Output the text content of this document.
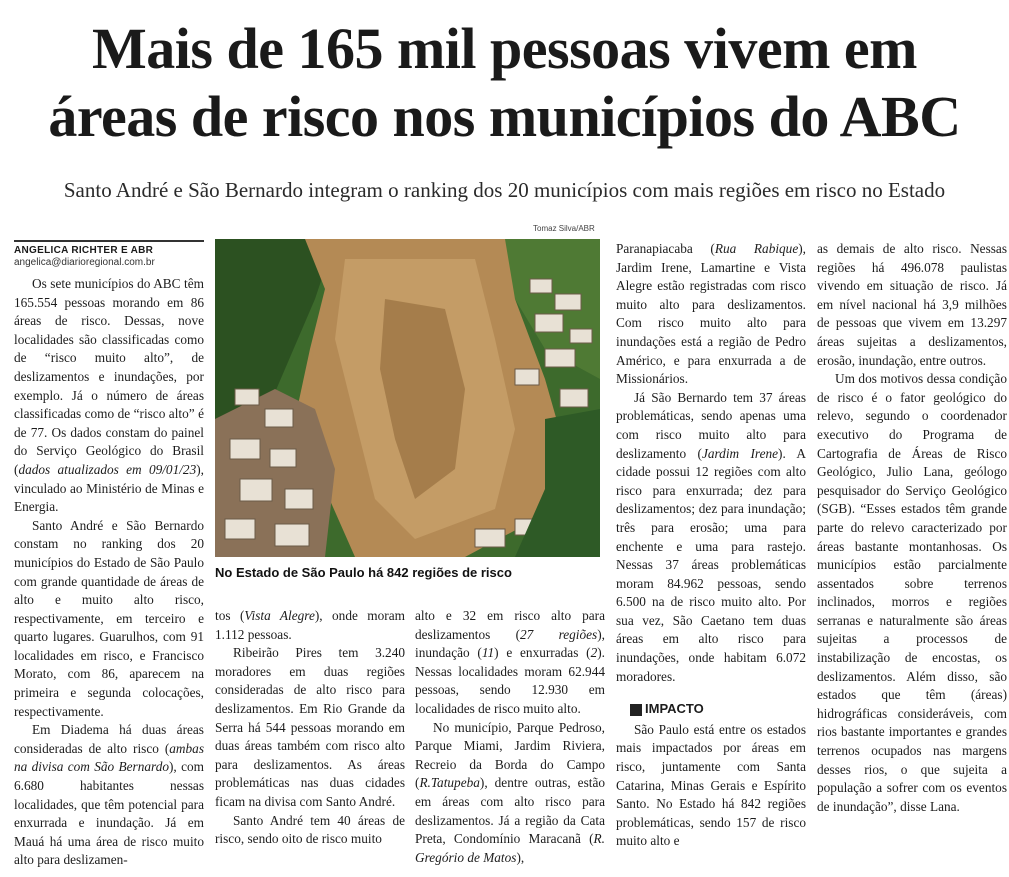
Mais de 165 mil pessoas vivem em
áreas de risco nos municípios do ABC
Santo André e São Bernardo integram o ranking dos 20 municípios com mais regiões em risco no Estado
ANGELICA RICHTER E ABR
angelica@diarioregional.com.br

Os sete municípios do ABC têm 165.554 pessoas morando em 86 áreas de risco. Dessas, nove localidades são classificadas como de “risco muito alto”, de deslizamentos e inundações, por exemplo. Já o número de áreas classificadas como de “risco alto” é de 77. Os dados constam do painel do Serviço Geológico do Brasil (dados atualizados em 09/01/23), vinculado ao Ministério de Minas e Energia.

Santo André e São Bernardo constam no ranking dos 20 municípios do Estado de São Paulo com grande quantidade de áreas de alto e muito alto risco, respectivamente, em terceiro e quarto lugares. Guarulhos, com 91 localidades em risco, e Francisco Morato, com 86, aparecem na primeira e segunda colocações, respectivamente.

Em Diadema há duas áreas consideradas de alto risco (ambas na divisa com São Bernardo), com 6.680 habitantes nessas localidades, que têm potencial para enxurrada e inundação. Já em Mauá há uma área de risco muito alto para deslizamen-

Tomaz Silva/ABR
No Estado de São Paulo há 842 regiões de risco

tos (Vista Alegre), onde moram 1.112 pessoas.

Ribeirão Pires tem 3.240 moradores em duas regiões consideradas de alto risco para deslizamentos. Em Rio Grande da Serra há 544 pessoas morando em duas áreas também com risco alto para deslizamentos. As áreas problemáticas nas duas cidades ficam na divisa com Santo André.

Santo André tem 40 áreas de risco, sendo oito de risco muito

alto e 32 em risco alto para deslizamentos (27 regiões), inundação (11) e enxurradas (2). Nessas localidades moram 62.944 pessoas, sendo 12.930 em localidades de risco muito alto.

No município, Parque Pedroso, Parque Miami, Jardim Riviera, Recreio da Borda do Campo (R.Tatupeba), dentre outras, estão em áreas com alto risco para deslizamentos. Já a região da Cata Preta, Condomínio Maracanã (R. Gregório de Matos),

Paranapiacaba (Rua Rabique), Jardim Irene, Lamartine e Vista Alegre estão registradas com risco muito alto para deslizamentos. Com risco muito alto para inundações está a região de Pedro Américo, e para enxurrada a de Missionários.

Já São Bernardo tem 37 áreas problemáticas, sendo apenas uma com risco muito alto para deslizamento (Jardim Irene). A cidade possui 12 regiões com alto risco para enxurrada; dez para deslizamentos; dez para inundação; três para erosão; uma para enchente e uma para rastejo. Nessas 37 áreas problemáticas moram 84.962 pessoas, sendo 6.500 na de risco muito alto. Por sua vez, São Caetano tem duas áreas em alto risco para inundações, onde habitam 6.072 moradores.

IMPACTO

São Paulo está entre os estados mais impactados por áreas em risco, juntamente com Santa Catarina, Minas Gerais e Espírito Santo. No Estado há 842 regiões problemáticas, sendo 157 de risco muito alto e

as demais de alto risco. Nessas regiões há 496.078 paulistas vivendo em situação de risco. Já em nível nacional há 3,9 milhões de pessoas que vivem em 13.297 áreas sujeitas a deslizamentos, erosão, inundação, entre outros.

Um dos motivos dessa condição de risco é o fator geológico do relevo, segundo o coordenador executivo do Programa de Cartografia de Áreas de Risco Geológico, Julio Lana, geólogo pesquisador do Serviço Geológico (SGB). “Esses estados têm grande parte do relevo caracterizado por áreas bastante montanhosas. Os municípios estão parcialmente assentados sobre terrenos inclinados, morros e regiões serranas e naturalmente são áreas sujeitas a processos de instabilização de encostas, os deslizamentos. Além disso, são estados que têm (áreas) hidrográficas consideráveis, com rios bastante importantes e grandes terrenos ocupados nas margens desses rios, o que sujeita a população a sofrer com os eventos de inundação”, disse Lana.
